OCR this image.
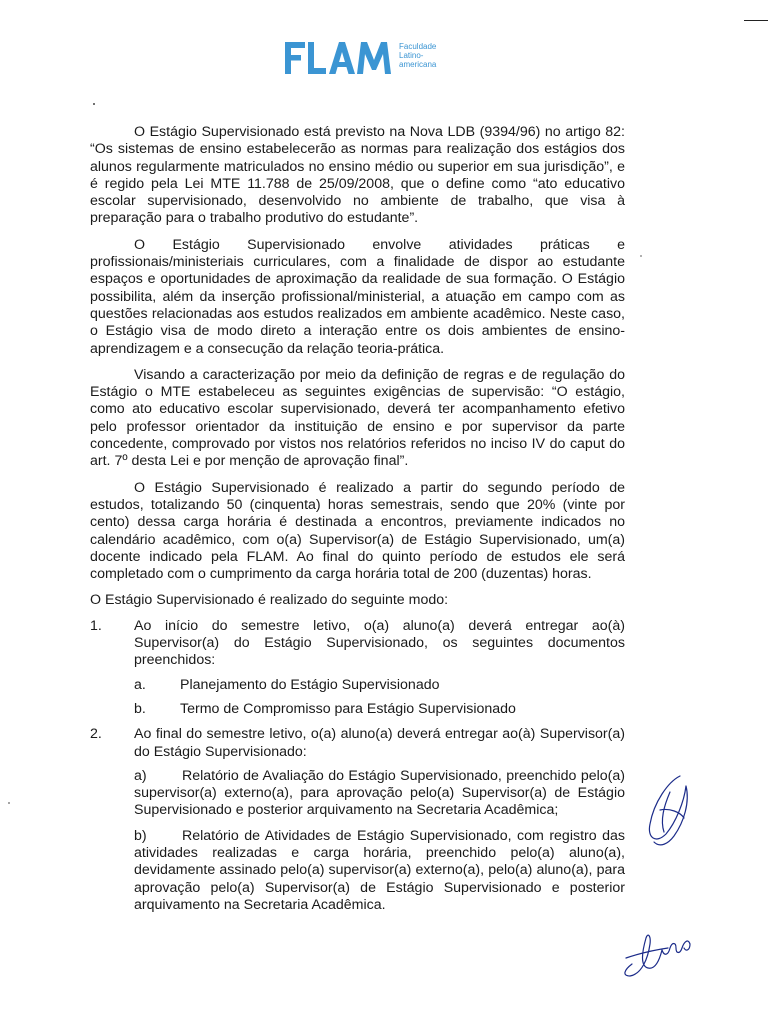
Faculdade
Latino-
americana

O Estágio Supervisionado está previsto na Nova LDB (9394/96) no artigo 82: “Os sistemas de ensino estabelecerão as normas para realização dos estágios dos alunos regularmente matriculados no ensino médio ou superior em sua jurisdição”, e é regido pela Lei MTE 11.788 de 25/09/2008, que o define como “ato educativo escolar supervisionado, desenvolvido no ambiente de trabalho, que visa à preparação para o trabalho produtivo do estudante”.

O Estágio Supervisionado envolve atividades práticas e profissionais/ministeriais curriculares, com a finalidade de dispor ao estudante espaços e oportunidades de aproximação da realidade de sua formação. O Estágio possibilita, além da inserção profissional/ministerial, a atuação em campo com as questões relacionadas aos estudos realizados em ambiente acadêmico. Neste caso, o Estágio visa de modo direto a interação entre os dois ambientes de ensino-aprendizagem e a consecução da relação teoria-prática.

Visando a caracterização por meio da definição de regras e de regulação do Estágio o MTE estabeleceu as seguintes exigências de supervisão: “O estágio, como ato educativo escolar supervisionado, deverá ter acompanhamento efetivo pelo professor orientador da instituição de ensino e por supervisor da parte concedente, comprovado por vistos nos relatórios referidos no inciso IV do caput do art. 7º desta Lei e por menção de aprovação final”.

O Estágio Supervisionado é realizado a partir do segundo período de estudos, totalizando 50 (cinquenta) horas semestrais, sendo que 20% (vinte por cento) dessa carga horária é destinada a encontros, previamente indicados no calendário acadêmico, com o(a) Supervisor(a) de Estágio Supervisionado, um(a) docente indicado pela FLAM. Ao final do quinto período de estudos ele será completado com o cumprimento da carga horária total de 200 (duzentas) horas.

O Estágio Supervisionado é realizado do seguinte modo:

1. Ao início do semestre letivo, o(a) aluno(a) deverá entregar ao(à) Supervisor(a) do Estágio Supervisionado, os seguintes documentos preenchidos:
a. Planejamento do Estágio Supervisionado
b. Termo de Compromisso para Estágio Supervisionado
2. Ao final do semestre letivo, o(a) aluno(a) deverá entregar ao(à) Supervisor(a) do Estágio Supervisionado:
a) Relatório de Avaliação do Estágio Supervisionado, preenchido pelo(a) supervisor(a) externo(a), para aprovação pelo(a) Supervisor(a) de Estágio Supervisionado e posterior arquivamento na Secretaria Acadêmica;
b) Relatório de Atividades de Estágio Supervisionado, com registro das atividades realizadas e carga horária, preenchido pelo(a) aluno(a), devidamente assinado pelo(a) supervisor(a) externo(a), pelo(a) aluno(a), para aprovação pelo(a) Supervisor(a) de Estágio Supervisionado e posterior arquivamento na Secretaria Acadêmica.
